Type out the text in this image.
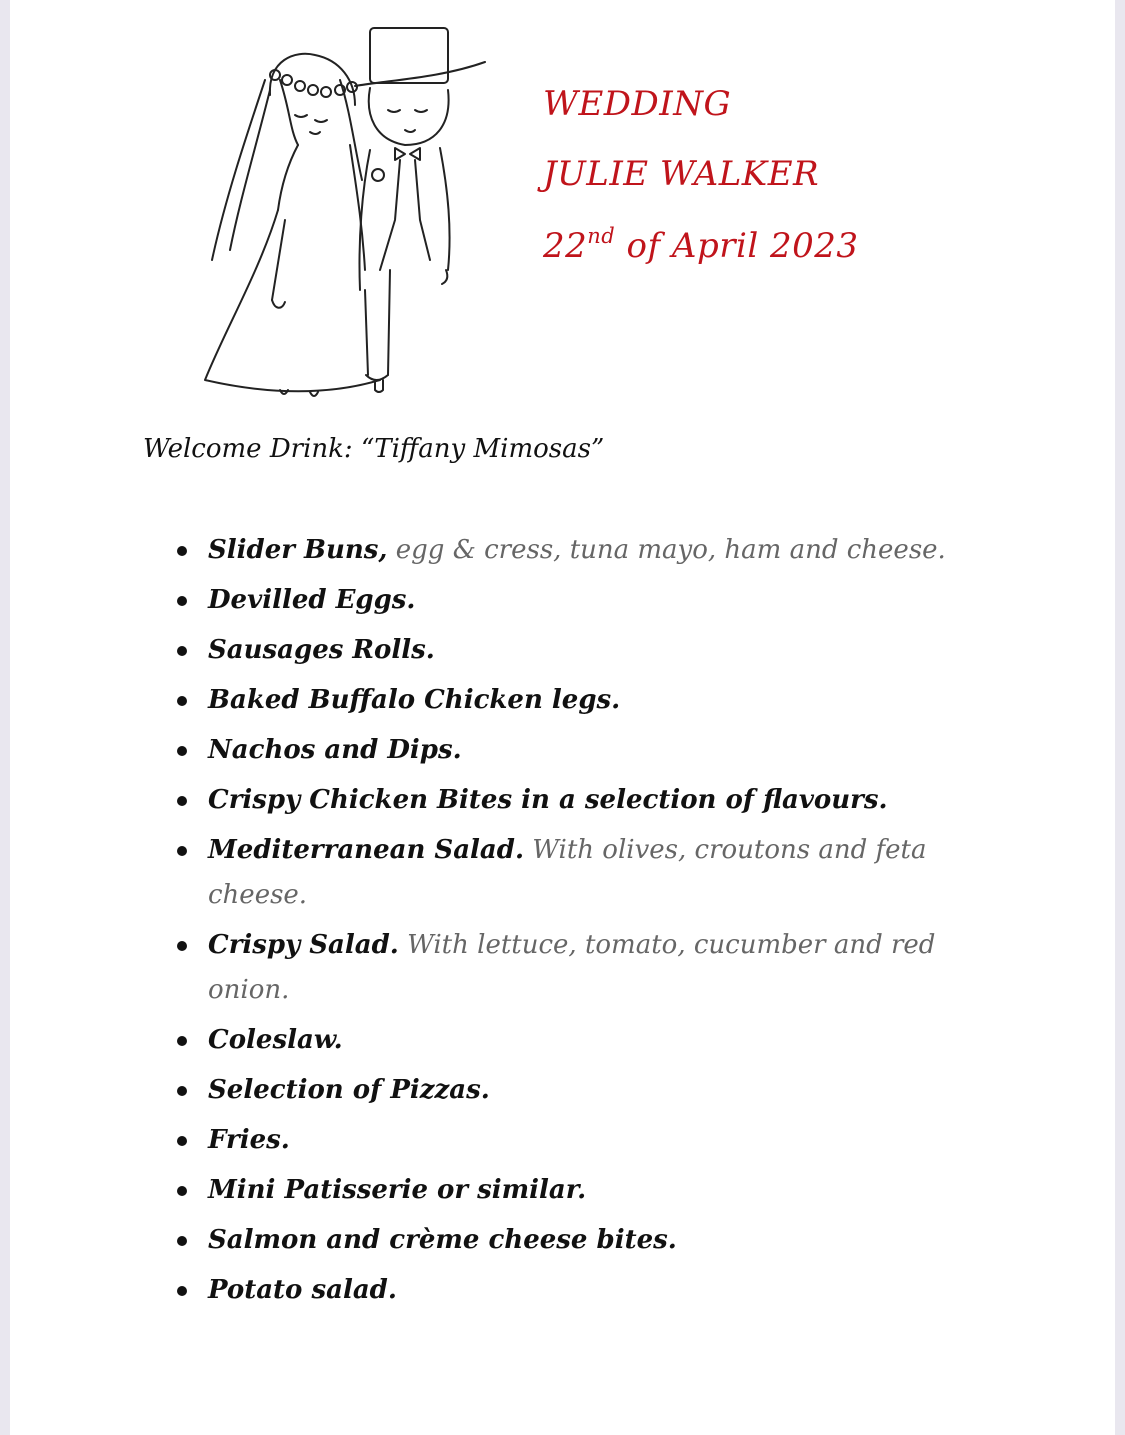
WEDDING
JULIE WALKER
22nd of April 2023
Welcome Drink: “Tiffany Mimosas”
Slider Buns, egg & cress, tuna mayo, ham and cheese.
Devilled Eggs.
Sausages Rolls.
Baked Buffalo Chicken legs.
Nachos and Dips.
Crispy Chicken Bites in a selection of flavours.
Mediterranean Salad. With olives, croutons and feta cheese.
Crispy Salad. With lettuce, tomato, cucumber and red onion.
Coleslaw.
Selection of Pizzas.
Fries.
Mini Patisserie or similar.
Salmon and crème cheese bites.
Potato salad.
